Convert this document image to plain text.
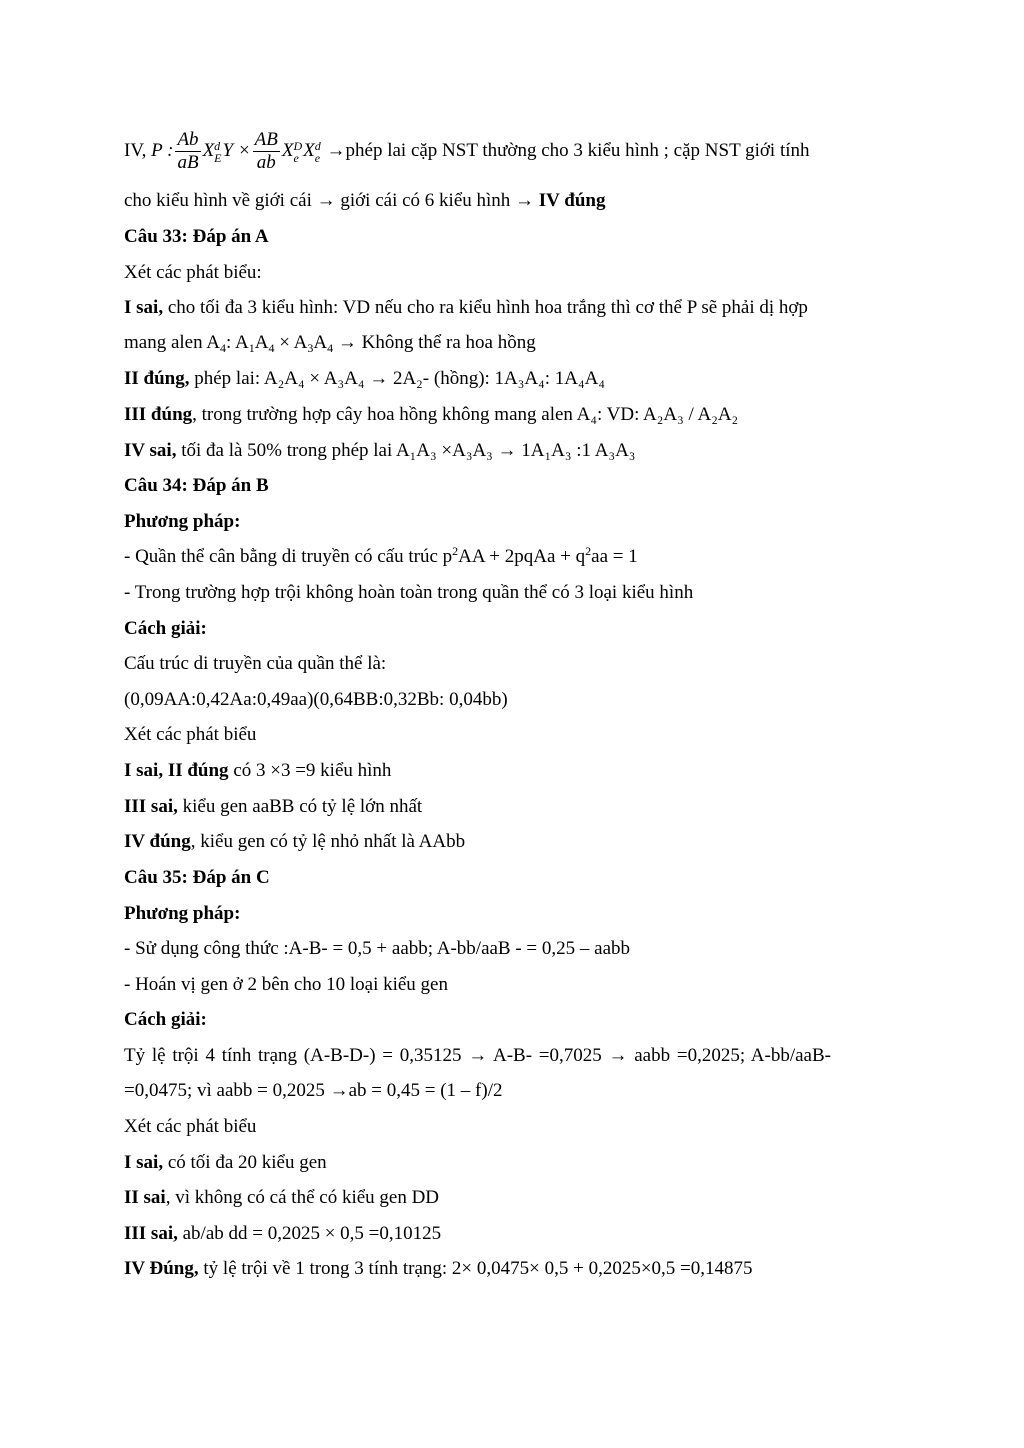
IV, P : $\frac{Ab}{aB}$ X d
E $Y \times \frac{AB}{ab}$ X D
e X d
e →phép lai cặp NST thường cho 3 kiểu hình ; cặp NST giới tính
cho kiểu hình về giới cái → giới cái có 6 kiểu hình → IV đúng
Câu 33: Đáp án A
Xét các phát biểu:
I sai, cho tối đa 3 kiểu hình: VD nếu cho ra kiểu hình hoa trắng thì cơ thể P sẽ phải dị hợp
mang alen $A_4$: $A_1A_4 \times A_3A_4$ → Không thể ra hoa hồng
II đúng, phép lai: A₂A₄ × A₃A₄ → 2A₂- (hồng): 1A₃A₄: 1A₄A₄
III đúng, trong trường hợp cây hoa hồng không mang alen A₄: VD: A₂A₃ / A₂A₂
IV sai, tối đa là 50% trong phép lai A₁A₃ ×A₃A₃ → 1A₁A₃ :1 A₃A₃
Câu 34: Đáp án B
Phương pháp:
- Quần thể cân bằng di truyền có cấu trúc $p^2AA$ + 2pqAa + $q^2aa = 1$
- Trong trường hợp trội không hoàn toàn trong quần thể có 3 loại kiểu hình
Cách giải:
Cấu trúc di truyền của quần thể là:
(0,09AA:0,42Aa:0,49aa)(0,64BB:0,32Bb: 0,04bb)
Xét các phát biểu
I sai, II đúng có 3 ×3 =9 kiểu hình
III sai, kiểu gen aaBB có tỷ lệ lớn nhất
IV đúng, kiểu gen có tỷ lệ nhỏ nhất là AAbb
Câu 35: Đáp án C
Phương pháp:
- Sử dụng công thức :A-B- = 0,5 + aabb; A-bb/aaB - = 0,25 – aabb
- Hoán vị gen ở 2 bên cho 10 loại kiểu gen
Cách giải:
Tỷ lệ trội 4 tính trạng (A-B-D-) = 0,35125 → A-B- =0,7025 → aabb =0,2025; A-bb/aaB-
=0,0475; vì aabb = 0,2025 →ab = 0,45 = (1 – f)/2
Xét các phát biểu
I sai, có tối đa 20 kiểu gen
II sai, vì không có cá thể có kiểu gen DD
III sai, ab/ab dd = 0,2025 × 0,5 =0,10125
IV Đúng, tỷ lệ trội về 1 trong 3 tính trạng: 2× 0,0475× 0,5 + 0,2025×0,5 =0,14875
